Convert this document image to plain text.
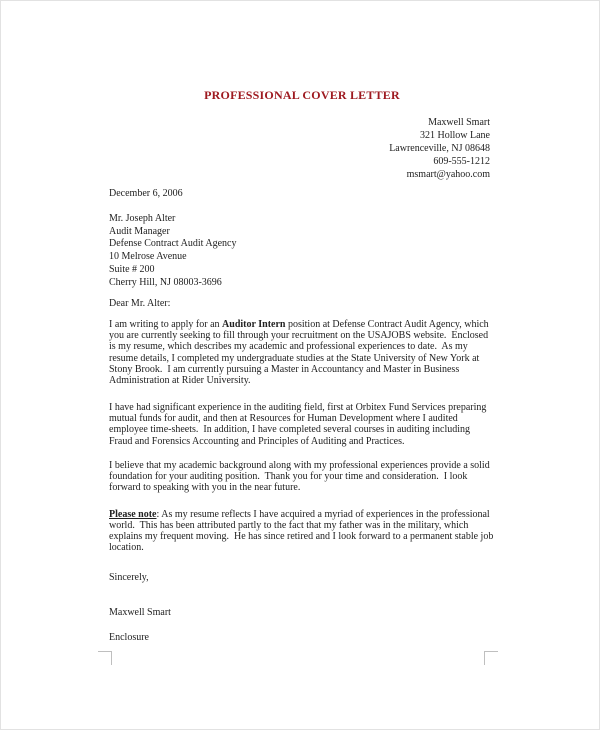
PROFESSIONAL COVER LETTER
Maxwell Smart
321 Hollow Lane
Lawrenceville, NJ 08648
609-555-1212
msmart@yahoo.com
December 6, 2006
Mr. Joseph Alter
Audit Manager
Defense Contract Audit Agency
10 Melrose Avenue
Suite # 200
Cherry Hill, NJ 08003-3696
Dear Mr. Alter:

I am writing to apply for an Auditor Intern position at Defense Contract Audit Agency, which you are currently seeking to fill through your recruitment on the USAJOBS website.  Enclosed is my resume, which describes my academic and professional experiences to date.  As my resume details, I completed my undergraduate studies at the State University of New York at Stony Brook.  I am currently pursuing a Master in Accountancy and Master in Business Administration at Rider University.

I have had significant experience in the auditing field, first at Orbitex Fund Services preparing mutual funds for audit, and then at Resources for Human Development where I audited employee time-sheets.  In addition, I have completed several courses in auditing including Fraud and Forensics Accounting and Principles of Auditing and Practices.

I believe that my academic background along with my professional experiences provide a solid foundation for your auditing position.  Thank you for your time and consideration.  I look forward to speaking with you in the near future.

Please note: As my resume reflects I have acquired a myriad of experiences in the professional world.  This has been attributed partly to the fact that my father was in the military, which explains my frequent moving.  He has since retired and I look forward to a permanent stable job location.

Sincerely,
Maxwell Smart
Enclosure
